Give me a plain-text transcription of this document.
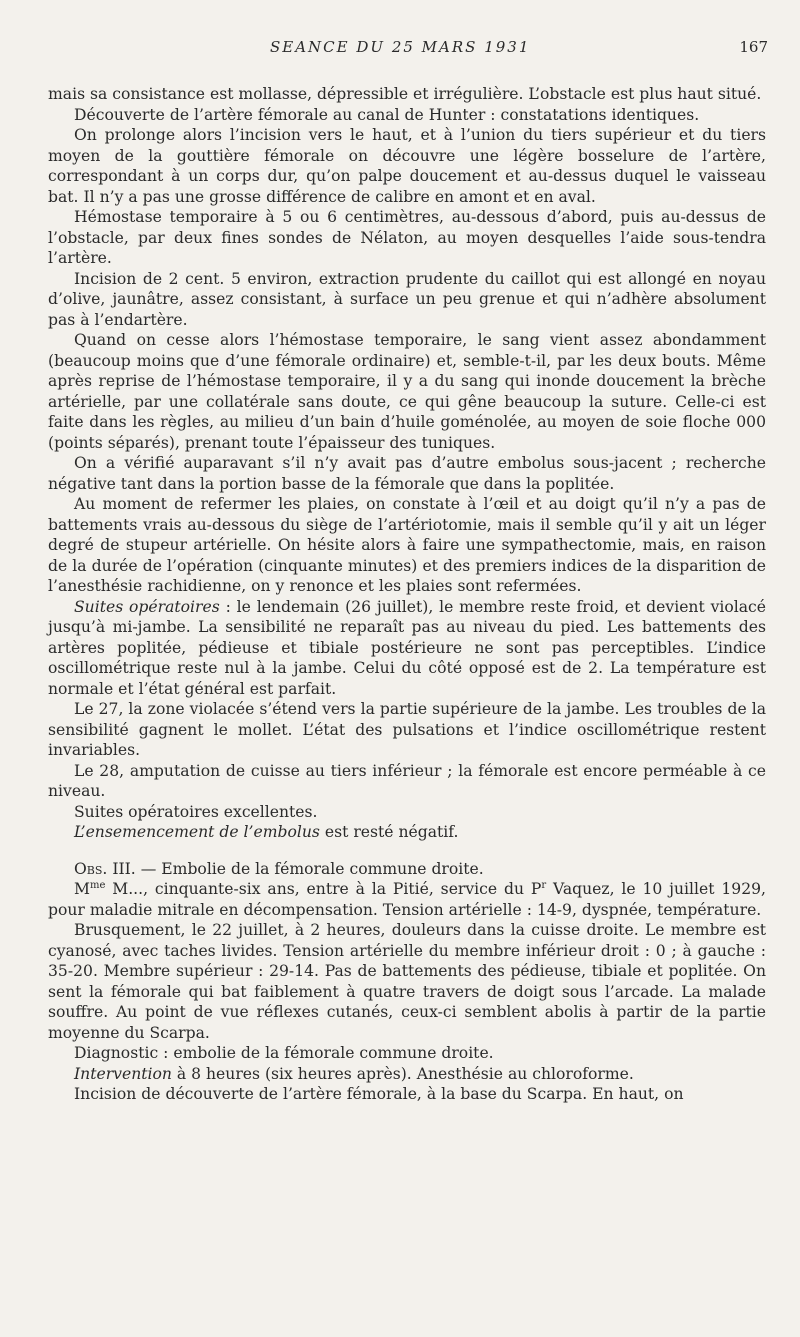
SEANCE DU 25 MARS 1931	167

mais sa consistance est mollasse, dépressible et irrégulière. L’obstacle est plus haut situé.

Découverte de l’artère fémorale au canal de Hunter : constatations identiques.

On prolonge alors l’incision vers le haut, et à l’union du tiers supérieur et du tiers moyen de la gouttière fémorale on découvre une légère bosselure de l’artère, correspondant à un corps dur, qu’on palpe doucement et au-dessus duquel le vaisseau bat. Il n’y a pas une grosse différence de calibre en amont et en aval.

Hémostase temporaire à 5 ou 6 centimètres, au-dessous d’abord, puis au-dessus de l’obstacle, par deux fines sondes de Nélaton, au moyen desquelles l’aide sous-tendra l’artère.

Incision de 2 cent. 5 environ, extraction prudente du caillot qui est allongé en noyau d’olive, jaunâtre, assez consistant, à surface un peu grenue et qui n’adhère absolument pas à l’endartère.

Quand on cesse alors l’hémostase temporaire, le sang vient assez abondamment (beaucoup moins que d’une fémorale ordinaire) et, semble-t-il, par les deux bouts. Même après reprise de l’hémostase temporaire, il y a du sang qui inonde doucement la brèche artérielle, par une collatérale sans doute, ce qui gêne beaucoup la suture. Celle-ci est faite dans les règles, au milieu d’un bain d’huile goménolée, au moyen de soie floche 000 (points séparés), prenant toute l’épaisseur des tuniques.

On a vérifié auparavant s’il n’y avait pas d’autre embolus sous-jacent ; recherche négative tant dans la portion basse de la fémorale que dans la poplitée.

Au moment de refermer les plaies, on constate à l’œil et au doigt qu’il n’y a pas de battements vrais au-dessous du siège de l’artériotomie, mais il semble qu’il y ait un léger degré de stupeur artérielle. On hésite alors à faire une sympathectomie, mais, en raison de la durée de l’opération (cinquante minutes) et des premiers indices de la disparition de l’anesthésie rachidienne, on y renonce et les plaies sont refermées.

Suites opératoires : le lendemain (26 juillet), le membre reste froid, et devient violacé jusqu’à mi-jambe. La sensibilité ne reparaît pas au niveau du pied. Les battements des artères poplitée, pédieuse et tibiale postérieure ne sont pas perceptibles. L’indice oscillométrique reste nul à la jambe. Celui du côté opposé est de 2. La température est normale et l’état général est parfait.

Le 27, la zone violacée s’étend vers la partie supérieure de la jambe. Les troubles de la sensibilité gagnent le mollet. L’état des pulsations et l’indice oscillométrique restent invariables.

Le 28, amputation de cuisse au tiers inférieur ; la fémorale est encore perméable à ce niveau.

Suites opératoires excellentes.

L’ensemencement de l’embolus est resté négatif.

Obs. III. — Embolie de la fémorale commune droite.

$M^{me}$ M..., cinquante-six ans, entre à la Pitié, service du $P^r$ Vaquez, le 10 juillet 1929, pour maladie mitrale en décompensation. Tension artérielle : 14-9, dyspnée, température.

Brusquement, le 22 juillet, à 2 heures, douleurs dans la cuisse droite. Le membre est cyanosé, avec taches livides. Tension artérielle du membre inférieur droit : 0 ; à gauche : 35-20. Membre supérieur : 29-14. Pas de battements des pédieuse, tibiale et poplitée. On sent la fémorale qui bat faiblement à quatre travers de doigt sous l’arcade. La malade souffre. Au point de vue réflexes cutanés, ceux-ci semblent abolis à partir de la partie moyenne du Scarpa.

Diagnostic : embolie de la fémorale commune droite.

Intervention à 8 heures (six heures après). Anesthésie au chloroforme.

Incision de découverte de l’artère fémorale, à la base du Scarpa. En haut, on
